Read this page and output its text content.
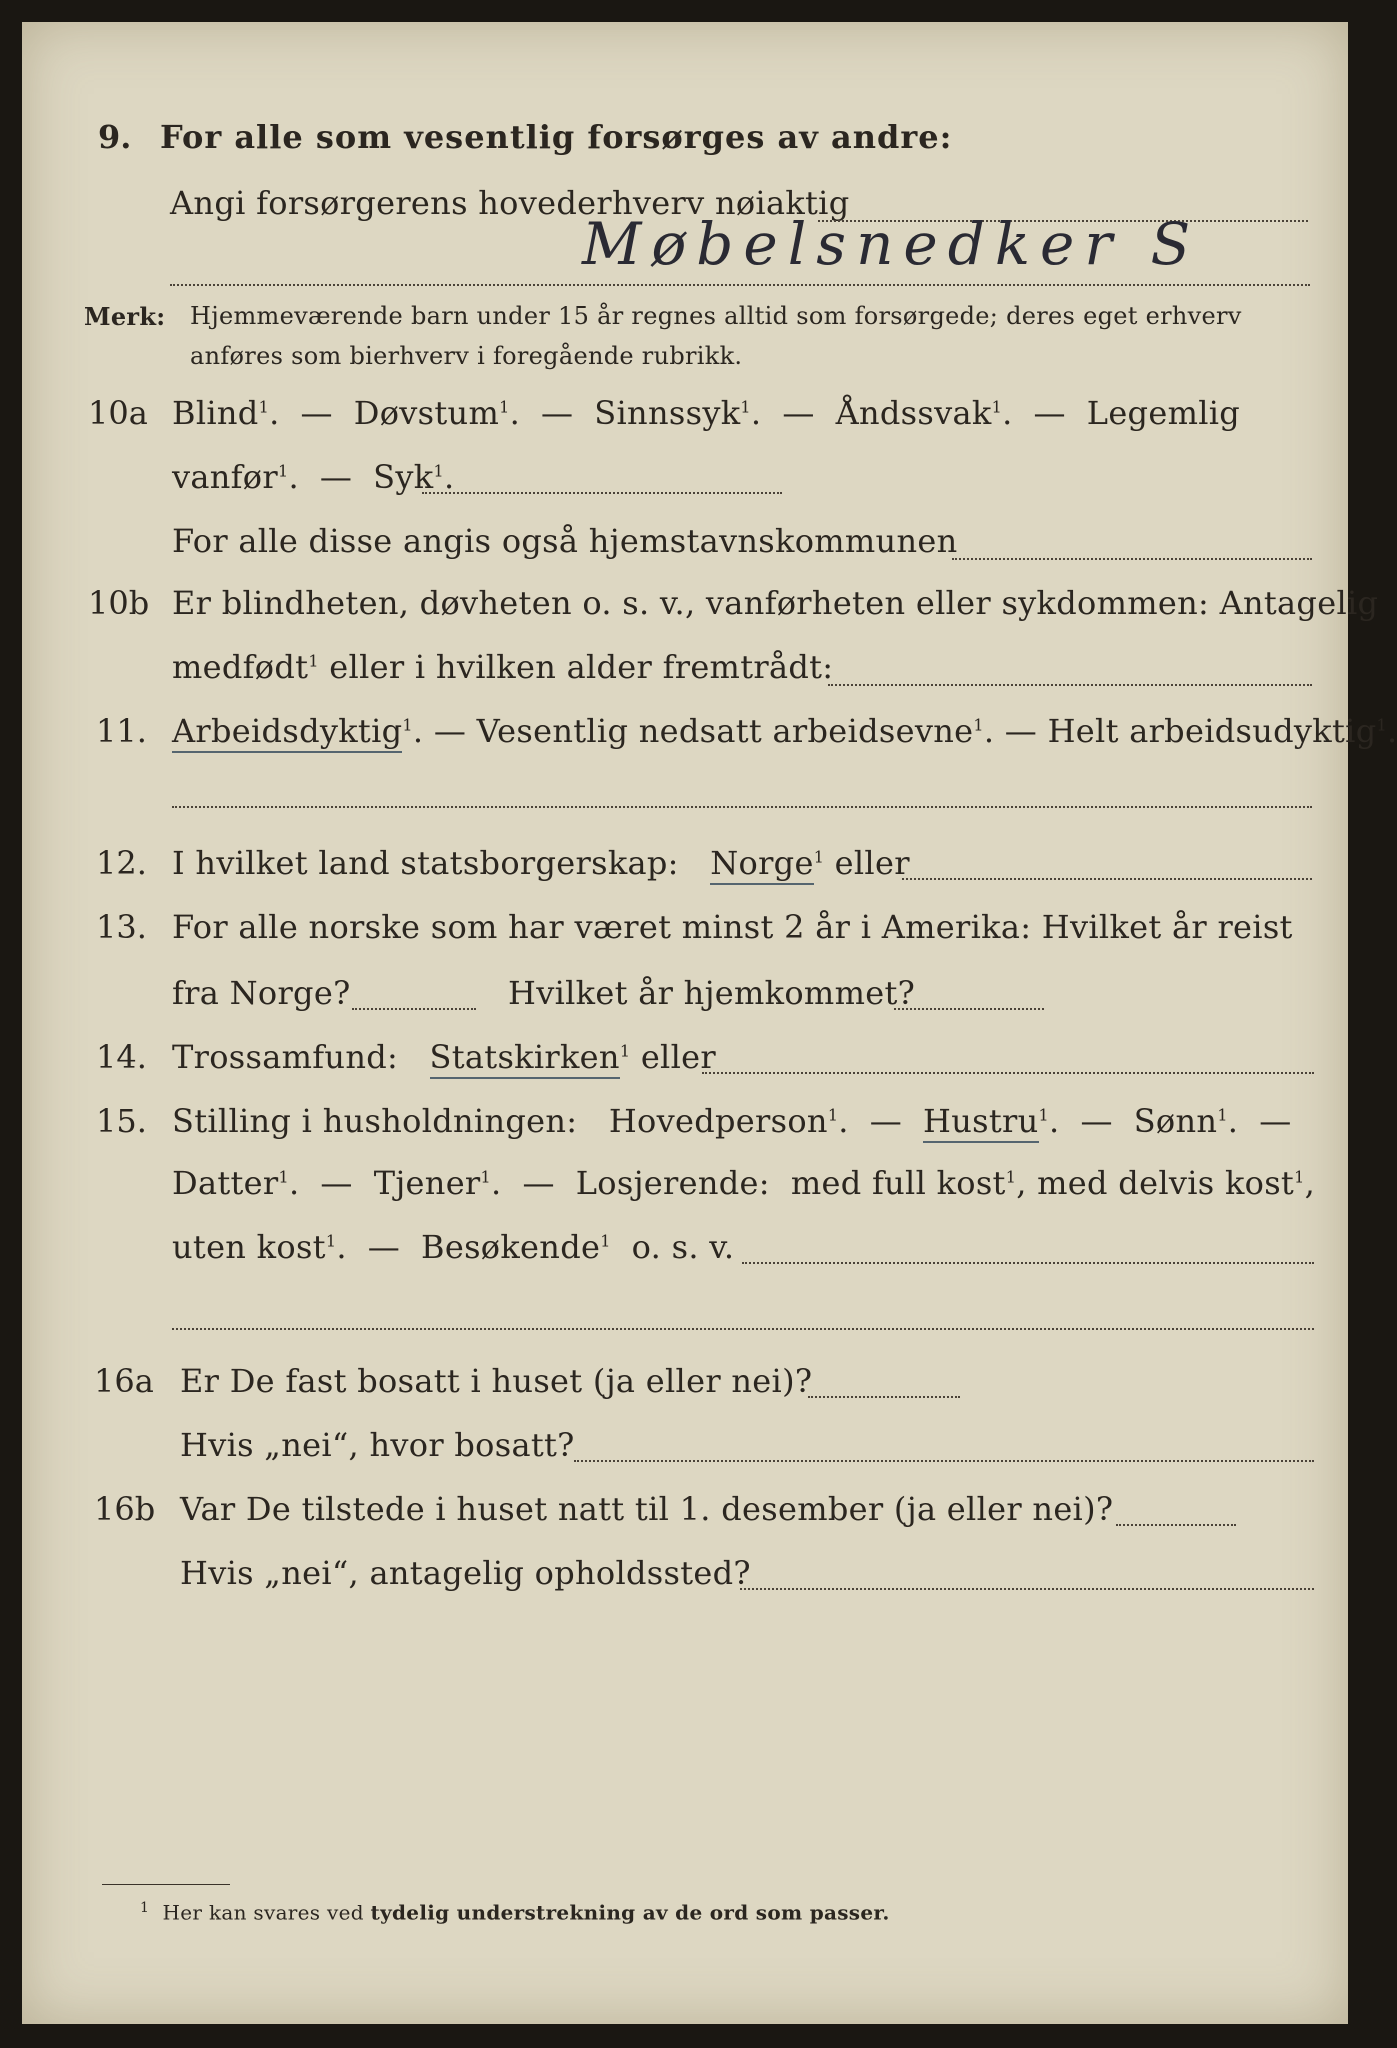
9. For alle som vesentlig forsørges av andre:
Angi forsørgerens hovederhverv nøiaktig
Møbelsnedker S
Merk: Hjemmeværende barn under 15 år regnes alltid som forsørgede; deres eget erhverv
anføres som bierhverv i foregående rubrikk.
10a Blind$^1$. — Døvstum$^1$. — Sinnssyk$^1$. — Åndssvak$^1$. — Legemlig
vanfør$^1$. — Syk$^1$.
For alle disse angis også hjemstavnskommunen
10b Er blindheten, døvheten o. s. v., vanførheten eller sykdommen: Antagelig
medfødt$^1$ eller i hvilken alder fremtrådt:
11. Arbeidsdyktig$^1$. — Vesentlig nedsatt arbeidsevne$^1$. — Helt arbeidsudyktig$^1$.
12. I hvilket land statsborgerskap: Norge$^1$ eller
13. For alle norske som har været minst 2 år i Amerika: Hvilket år reist
fra Norge?	Hvilket år hjemkommet?
14. Trossamfund: Statskirken$^1$ eller
15. Stilling i husholdningen: Hovedperson$^1$. — Hustru$^1$. — Sønn$^1$. —
Datter$^1$. — Tjener$^1$. — Losjerende: med full kost$^1$, med delvis kost$^1$,
uten kost$^1$. — Besøkende$^1$ o. s. v.
16a Er De fast bosatt i huset (ja eller nei)?
Hvis „nei“, hvor bosatt?
16b Var De tilstede i huset natt til 1. desember (ja eller nei)?
Hvis „nei“, antagelig opholdssted?
$^1$ Her kan svares ved tydelig understrekning av de ord som passer.
